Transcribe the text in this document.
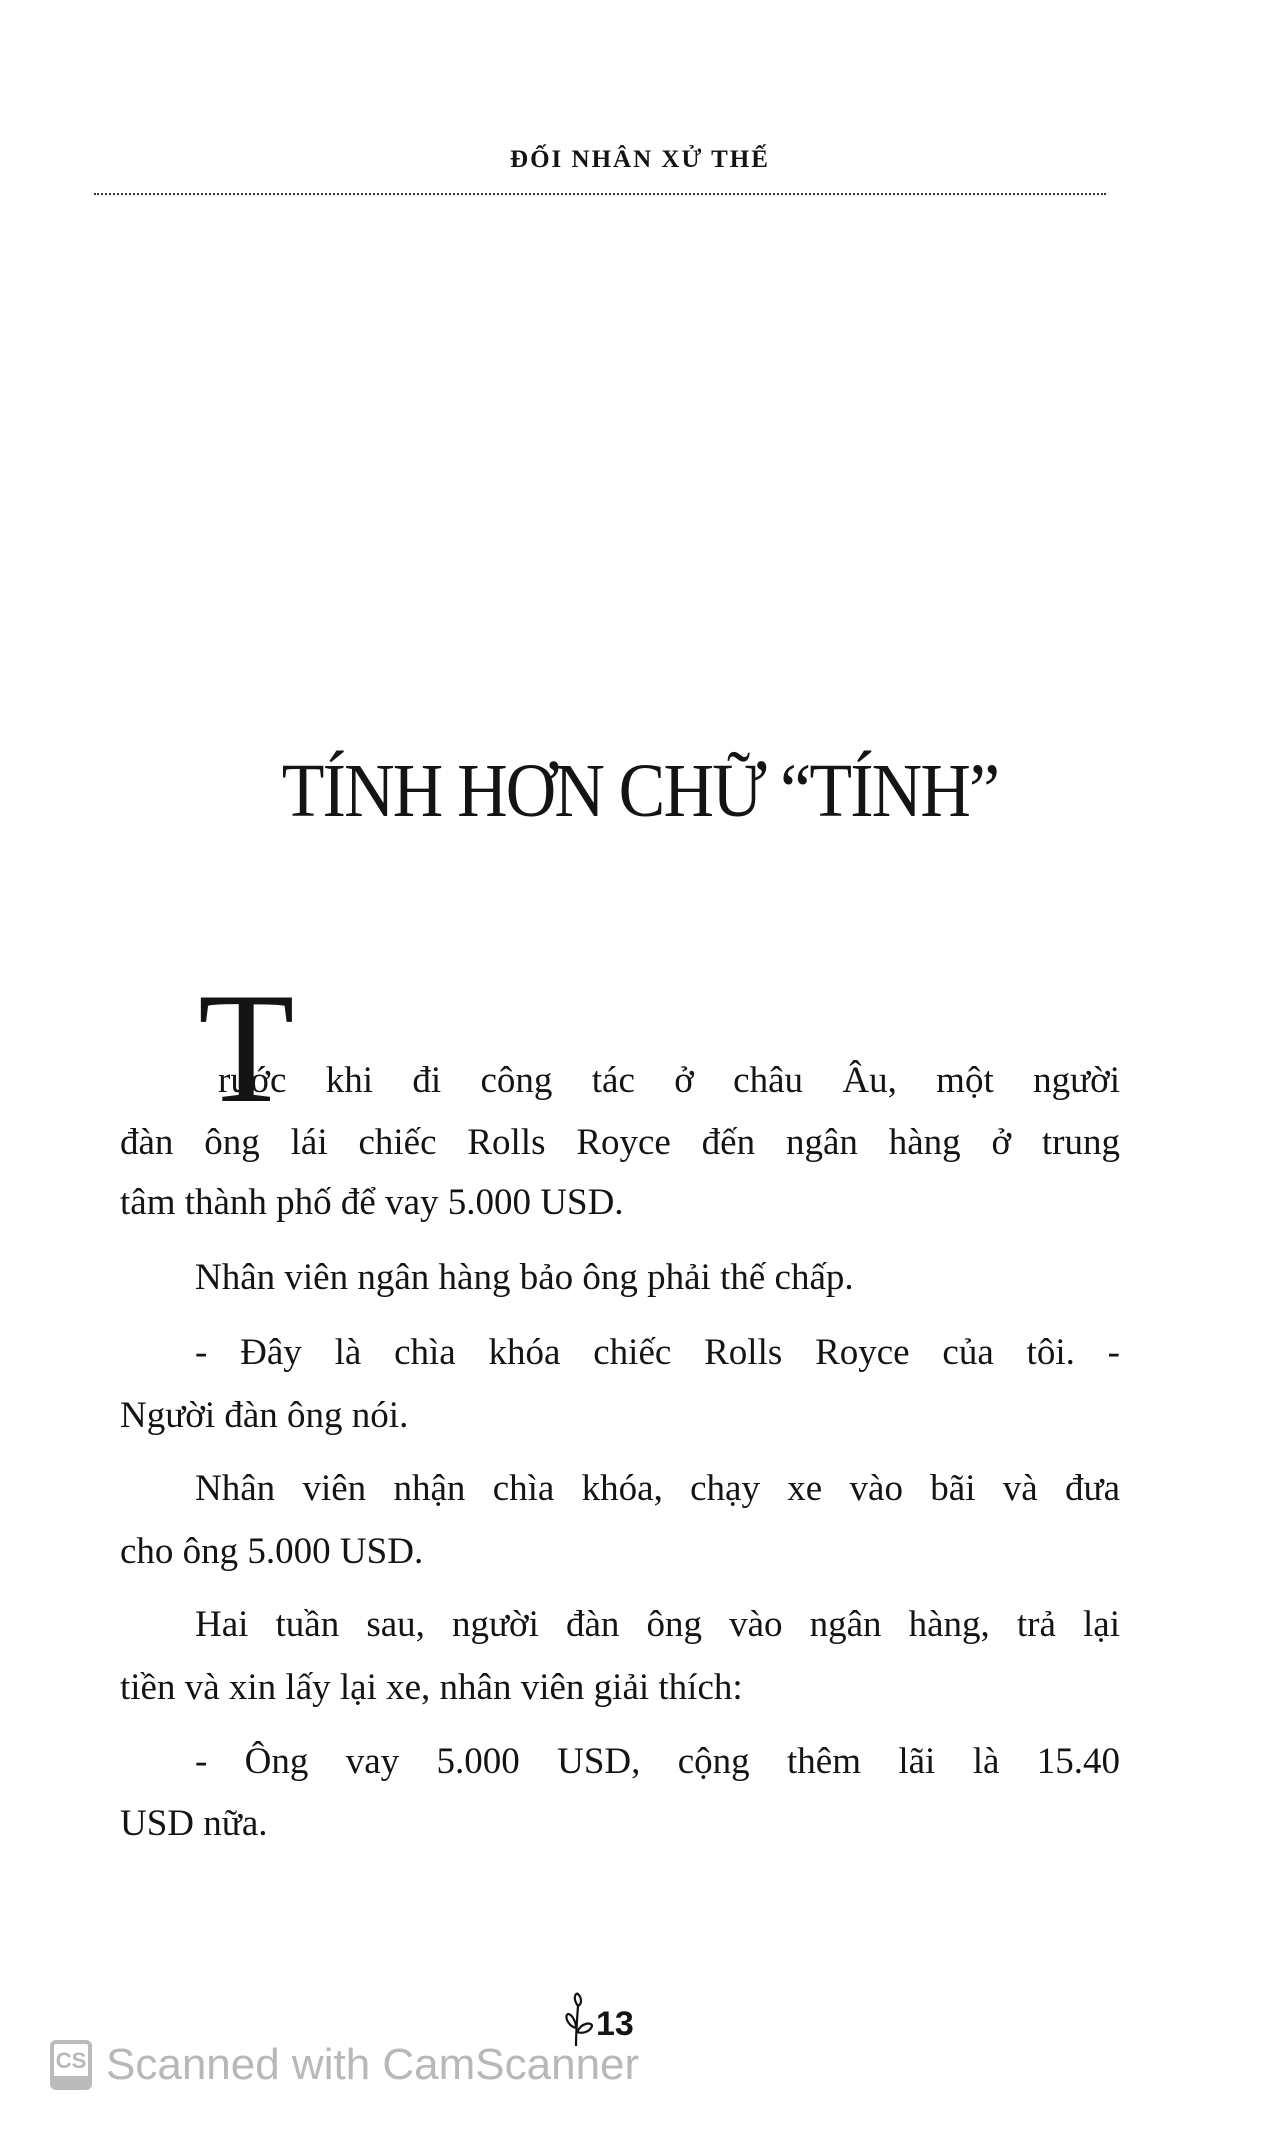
ĐỐI NHÂN XỬ THẾ
TÍNH HƠN CHỮ “TÍNH”
T
rước khi đi công tác ở châu Âu, một người
đàn ông lái chiếc Rolls Royce đến ngân hàng ở trung
tâm thành phố để vay 5.000 USD.
Nhân viên ngân hàng bảo ông phải thế chấp.
- Đây là chìa khóa chiếc Rolls Royce của tôi. -
Người đàn ông nói.
Nhân viên nhận chìa khóa, chạy xe vào bãi và đưa
cho ông 5.000 USD.
Hai tuần sau, người đàn ông vào ngân hàng, trả lại
tiền và xin lấy lại xe, nhân viên giải thích:
- Ông vay 5.000 USD, cộng thêm lãi là 15.40
USD nữa.
13
CS Scanned with CamScanner
